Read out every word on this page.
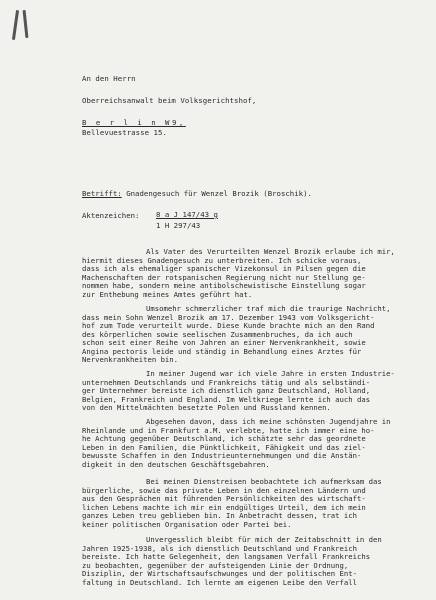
An den Herrn
Oberreichsanwalt beim Volksgerichtshof,
B e r l i n W9,
Bellevuestrasse 15.
Betrifft: Gnadengesuch für Wenzel Brozik (Broschik).
Aktenzeichen: 8 a J 147/43 g
1 H 297/43
Als Vater des Verurteilten Wenzel Brozik erlaube ich mir,
hiermit dieses Gnadengesuch zu unterbreiten. Ich schicke voraus,
dass ich als ehemaliger spanischer Vizekonsul in Pilsen gegen die
Machenschaften der rotspanischen Regierung nicht nur Stellung ge-
nommen habe, sondern meine antibolschewistische Einstellung sogar
zur Enthebung meines Amtes geführt hat.
Umsomehr schmerzlicher traf mich die traurige Nachricht,
dass mein Sohn Wenzel Brozik am 17. Dezember 1943 vom Volksgericht-
hof zum Tode verurteilt wurde. Diese Kunde brachte mich an den Rand
des körperlichen sowie seelischen Zusammenbruches, da ich auch
schon seit einer Reihe von Jahren an einer Nervenkrankheit, sowie
Angina pectoris leide und ständig in Behandlung eines Arztes für
Nervenkrankheiten bin.
In meiner Jugend war ich viele Jahre in ersten Industrie-
unternehmen Deutschlands und Frankreichs tätig und als selbständi-
ger Unternehmer bereiste ich dienstlich ganz Deutschland, Holland,
Belgien, Frankreich und England. Im Weltkriege lernte ich auch das
von den Mittelmächten besetzte Polen und Russland kennen.
Abgesehen davon, dass ich meine schönsten Jugendjahre in
Rheinlande und in Frankfurt a.M. verlebte, hatte ich immer eine ho-
he Achtung gegenüber Deutschland, ich schätzte sehr das geordnete
Leben in den Familien, die Pünktlichkeit, Fähigkeit und das ziel-
bewusste Schaffen in den Industrieunternehmungen und die Anstän-
digkeit in den deutschen Geschäftsgebahren.
Bei meinen Dienstreisen beobachtete ich aufmerksam das
bürgerliche, sowie das private Leben in den einzelnen Ländern und
aus den Gesprächen mit führenden Persönlichkeiten des wirtschaft-
lichen Lebens machte ich mir ein endgültiges Urteil, dem ich mein
ganzes Leben treu geblieben bin. In Anbetracht dessen, trat ich
keiner politischen Organisation oder Partei bei.
Unvergesslich bleibt für mich der Zeitabschnitt in den
Jahren 1925-1938, als ich dienstlich Deutschland und Frankreich
bereiste. Ich hatte Gelegenheit, den langsamen Verfall Frankreichs
zu beobachten, gegenüber der aufsteigenden Linie der Ordnung,
Disziplin, der Wirtschaftsaufschwunges und der politischen Ent-
faltung in Deutschland. Ich lernte am eigenen Leibe den Verfall
